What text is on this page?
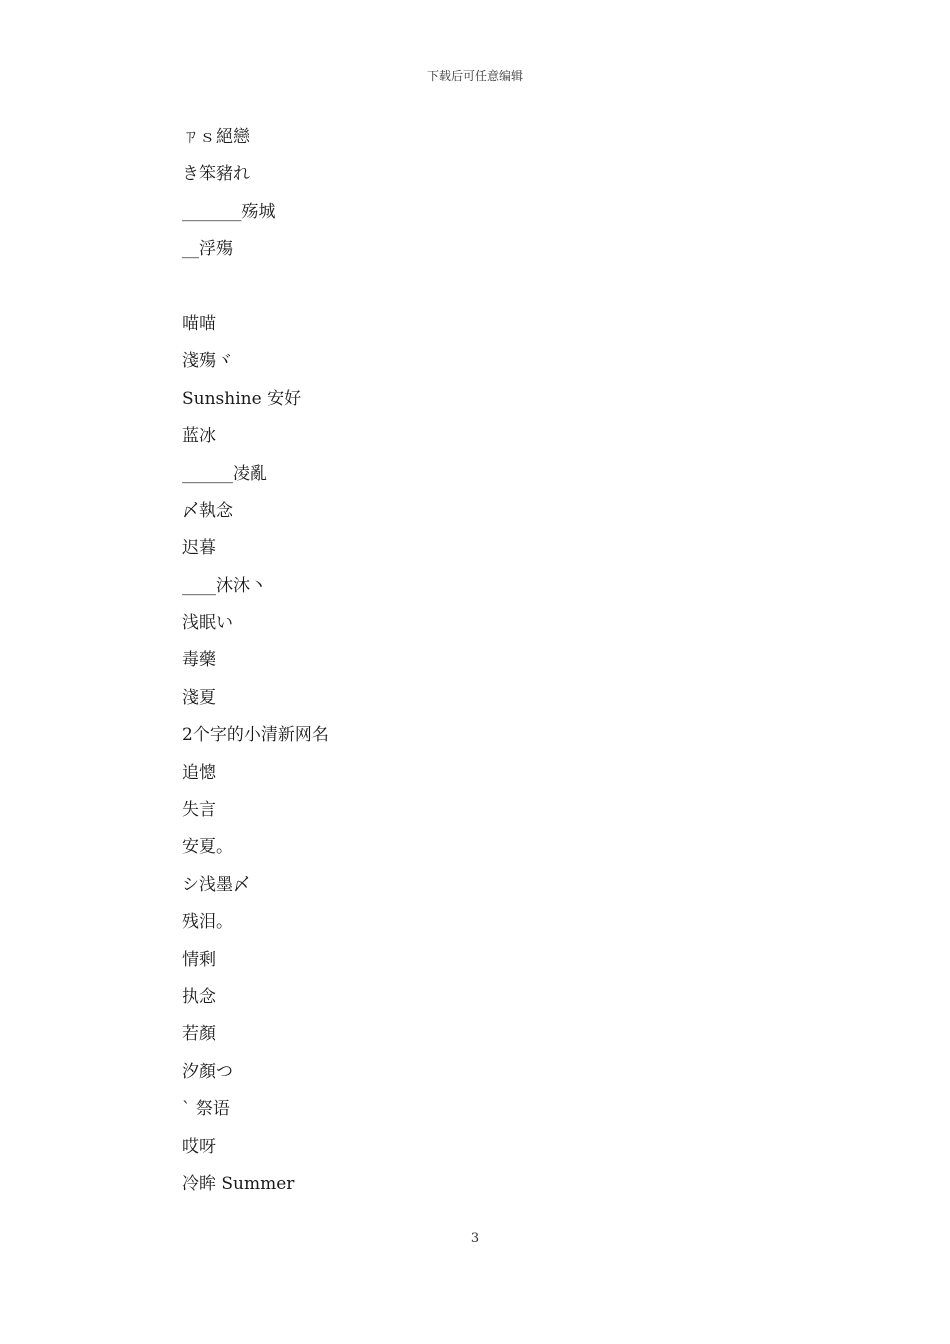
下载后可任意编辑
ㄗｓ絕戀
き笨豬れ
_______殇城
__浮殤
喵喵
淺殤ヾ
Sunshine 安好
蓝冰
______凌亂
〆執念
迟暮
____沐沐丶
浅眠い
毒藥
淺夏
2个字的小清新网名
追憁
失言
安夏。
シ浅墨〆
残泪。
情剩
执念
若顏
汐顏つ
` 祭语
哎呀
冷眸 Summer
3
